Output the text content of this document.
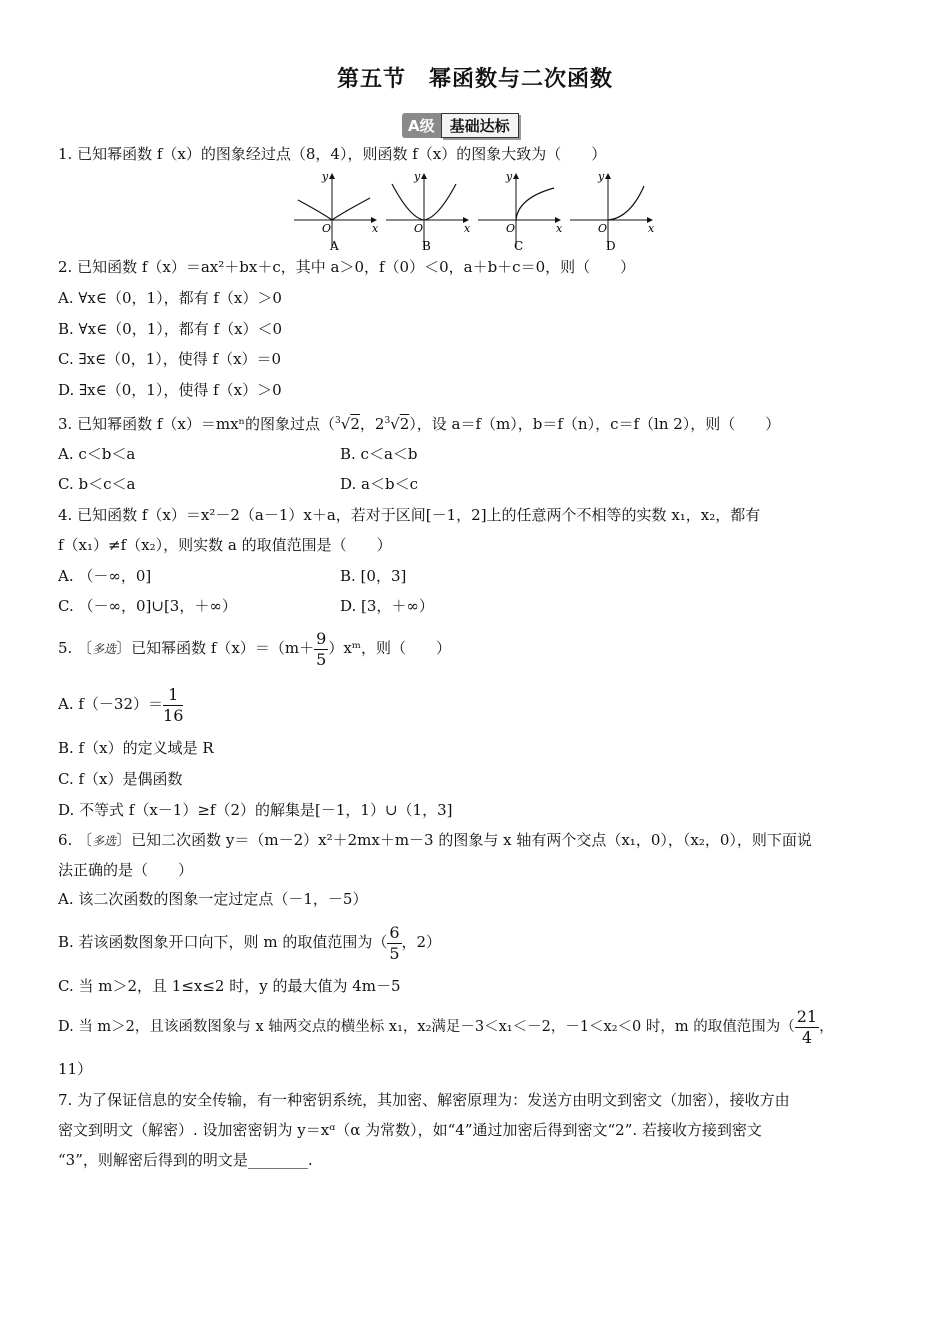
第五节　幂函数与二次函数
A级	基础达标
1. 已知幂函数 f（x）的图象经过点（8，4），则函数 f（x）的图象大致为（　　）
y
x
O
A
y
x
O
B
y
x
O
C
y
x
O
D
2. 已知函数 f（x）＝ax²＋bx＋c，其中 a＞0，f（0）＜0，a＋b＋c＝0，则（　　）
A. ∀x∈（0，1），都有 f（x）＞0
B. ∀x∈（0，1），都有 f（x）＜0
C. ∃x∈（0，1），使得 f（x）＝0
D. ∃x∈（0，1），使得 f（x）＞0
3. 已知幂函数 f（x）＝mxⁿ的图象过点（$^3$√2，$2^3√2$），设 a＝f（m），b＝f（n），c＝f（ln 2），则（　　）
A. c＜b＜a	B. c＜a＜b
C. b＜c＜a	D. a＜b＜c
4. 已知函数 f（x）＝x²－2（a－1）x＋a，若对于区间[－1，2]上的任意两个不相等的实数 x₁，x₂，都有
f（x₁）≠f（x₂），则实数 a 的取值范围是（　　）
A. （－∞，0]	B. [0，3]
C. （－∞，0]∪[3，＋∞）	D. [3，＋∞）
5. 〔多选〕已知幂函数 $f(x)=(m+ \frac{9}{5}$ ）xᵐ，则（　　）
A. $f(-32)= \frac{1}{16}$
B. f（x）的定义域是 R
C. f（x）是偶函数
D. 不等式 f（x－1）≥f（2）的解集是[－1，1）∪（1，3]
6. 〔多选〕已知二次函数 y＝（m－2）x²＋2mx＋m－3 的图象与 x 轴有两个交点（x₁，0），（x₂，0），则下面说
法正确的是（　　）
A. 该二次函数的图象一定过定点（－1，－5）
B. 若该函数图象开口向下，则 m 的取值范围为（ $\frac{6}{5}$ ，2）
C. 当 m＞2，且 1≤x≤2 时，y 的最大值为 4m－5
D. 当 m＞2，且该函数图象与 x 轴两交点的横坐标 x₁，x₂满足－3＜x₁＜－2，－1＜x₂＜0 时，m 的取值范围为（ $\frac{21}{4}$ ，
11）
7. 为了保证信息的安全传输，有一种密钥系统，其加密、解密原理为：发送方由明文到密文（加密），接收方由
密文到明文（解密）. 设加密密钥为 y＝xᵅ（α 为常数），如“4”通过加密后得到密文“2”. 若接收方接到密文
“3”，则解密后得到的明文是________.
